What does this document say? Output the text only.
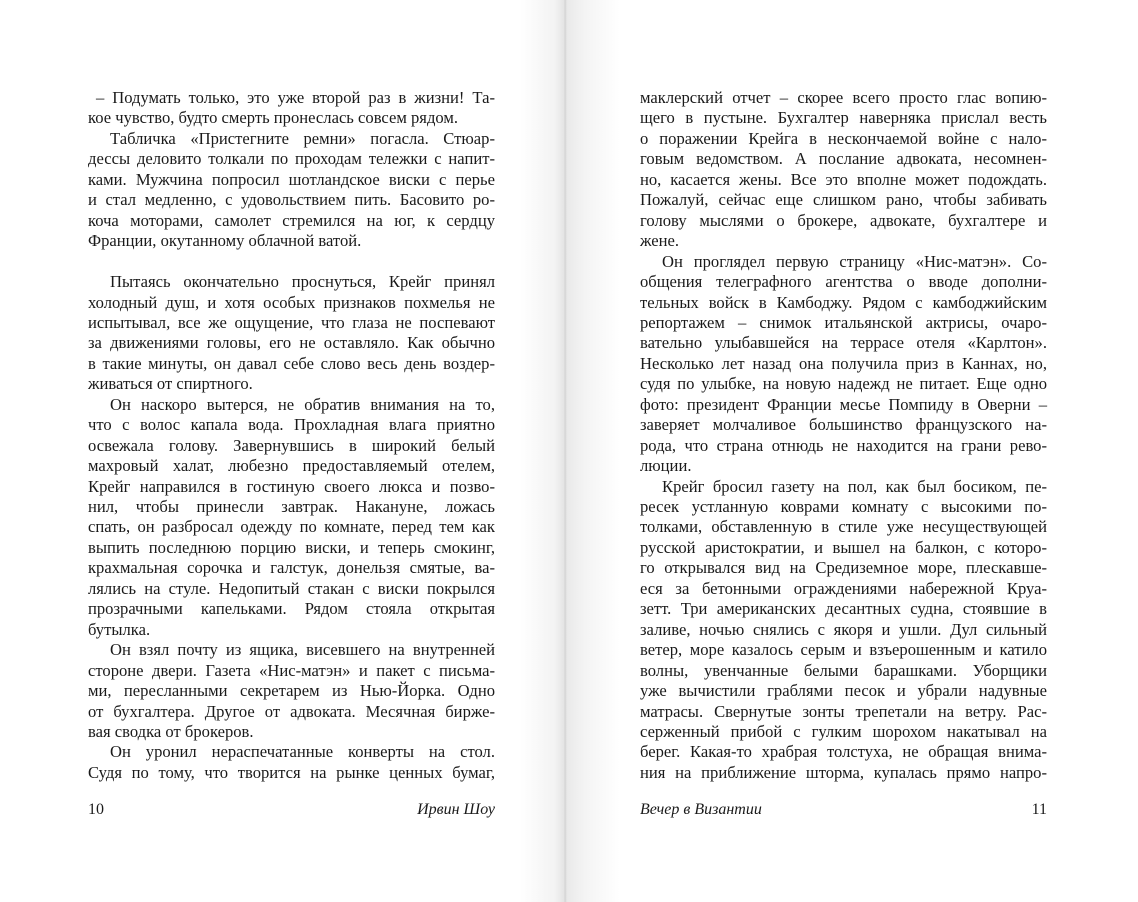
– Подумать только, это уже второй раз в жизни! Та-
кое чувство, будто смерть пронеслась совсем рядом.
Табличка «Пристегните ремни» погасла. Стюар-
дессы деловито толкали по проходам тележки с напит-
ками. Мужчина попросил шотландское виски с перье
и стал медленно, с удовольствием пить. Басовито ро-
коча моторами, самолет стремился на юг, к сердцу
Франции, окутанному облачной ватой.
Пытаясь окончательно проснуться, Крейг принял
холодный душ, и хотя особых признаков похмелья не
испытывал, все же ощущение, что глаза не поспевают
за движениями головы, его не оставляло. Как обычно
в такие минуты, он давал себе слово весь день воздер-
живаться от спиртного.
Он наскоро вытерся, не обратив внимания на то,
что с волос капала вода. Прохладная влага приятно
освежала голову. Завернувшись в широкий белый
махровый халат, любезно предоставляемый отелем,
Крейг направился в гостиную своего люкса и позво-
нил, чтобы принесли завтрак. Накануне, ложась
спать, он разбросал одежду по комнате, перед тем как
выпить последнюю порцию виски, и теперь смокинг,
крахмальная сорочка и галстук, донельзя смятые, ва-
лялись на стуле. Недопитый стакан с виски покрылся
прозрачными капельками. Рядом стояла открытая
бутылка.
Он взял почту из ящика, висевшего на внутренней
стороне двери. Газета «Нис-матэн» и пакет с письма-
ми, пересланными секретарем из Нью-Йорка. Одно
от бухгалтера. Другое от адвоката. Месячная бирже-
вая сводка от брокеров.
Он уронил нераспечатанные конверты на стол.
Судя по тому, что творится на рынке ценных бумаг,
10	Ирвин Шоу
маклерский отчет – скорее всего просто глас вопию-
щего в пустыне. Бухгалтер наверняка прислал весть
о поражении Крейга в нескончаемой войне с нало-
говым ведомством. А послание адвоката, несомнен-
но, касается жены. Все это вполне может подождать.
Пожалуй, сейчас еще слишком рано, чтобы забивать
голову мыслями о брокере, адвокате, бухгалтере и
жене.
Он проглядел первую страницу «Нис-матэн». Со-
общения телеграфного агентства о вводе дополни-
тельных войск в Камбоджу. Рядом с камбоджийским
репортажем – снимок итальянской актрисы, очаро-
вательно улыбавшейся на террасе отеля «Карлтон».
Несколько лет назад она получила приз в Каннах, но,
судя по улыбке, на новую надежд не питает. Еще одно
фото: президент Франции месье Помпиду в Оверни –
заверяет молчаливое большинство французского на-
рода, что страна отнюдь не находится на грани рево-
люции.
Крейг бросил газету на пол, как был босиком, пе-
ресек устланную коврами комнату с высокими по-
толками, обставленную в стиле уже несуществующей
русской аристократии, и вышел на балкон, с которо-
го открывался вид на Средиземное море, плескавше-
еся за бетонными ограждениями набережной Круа-
зетт. Три американских десантных судна, стоявшие в
заливе, ночью снялись с якоря и ушли. Дул сильный
ветер, море казалось серым и взъерошенным и катило
волны, увенчанные белыми барашками. Уборщики
уже вычистили граблями песок и убрали надувные
матрасы. Свернутые зонты трепетали на ветру. Рас-
серженный прибой с гулким шорохом накатывал на
берег. Какая-то храбрая толстуха, не обращая внима-
ния на приближение шторма, купалась прямо напро-
Вечер в Византии	11
